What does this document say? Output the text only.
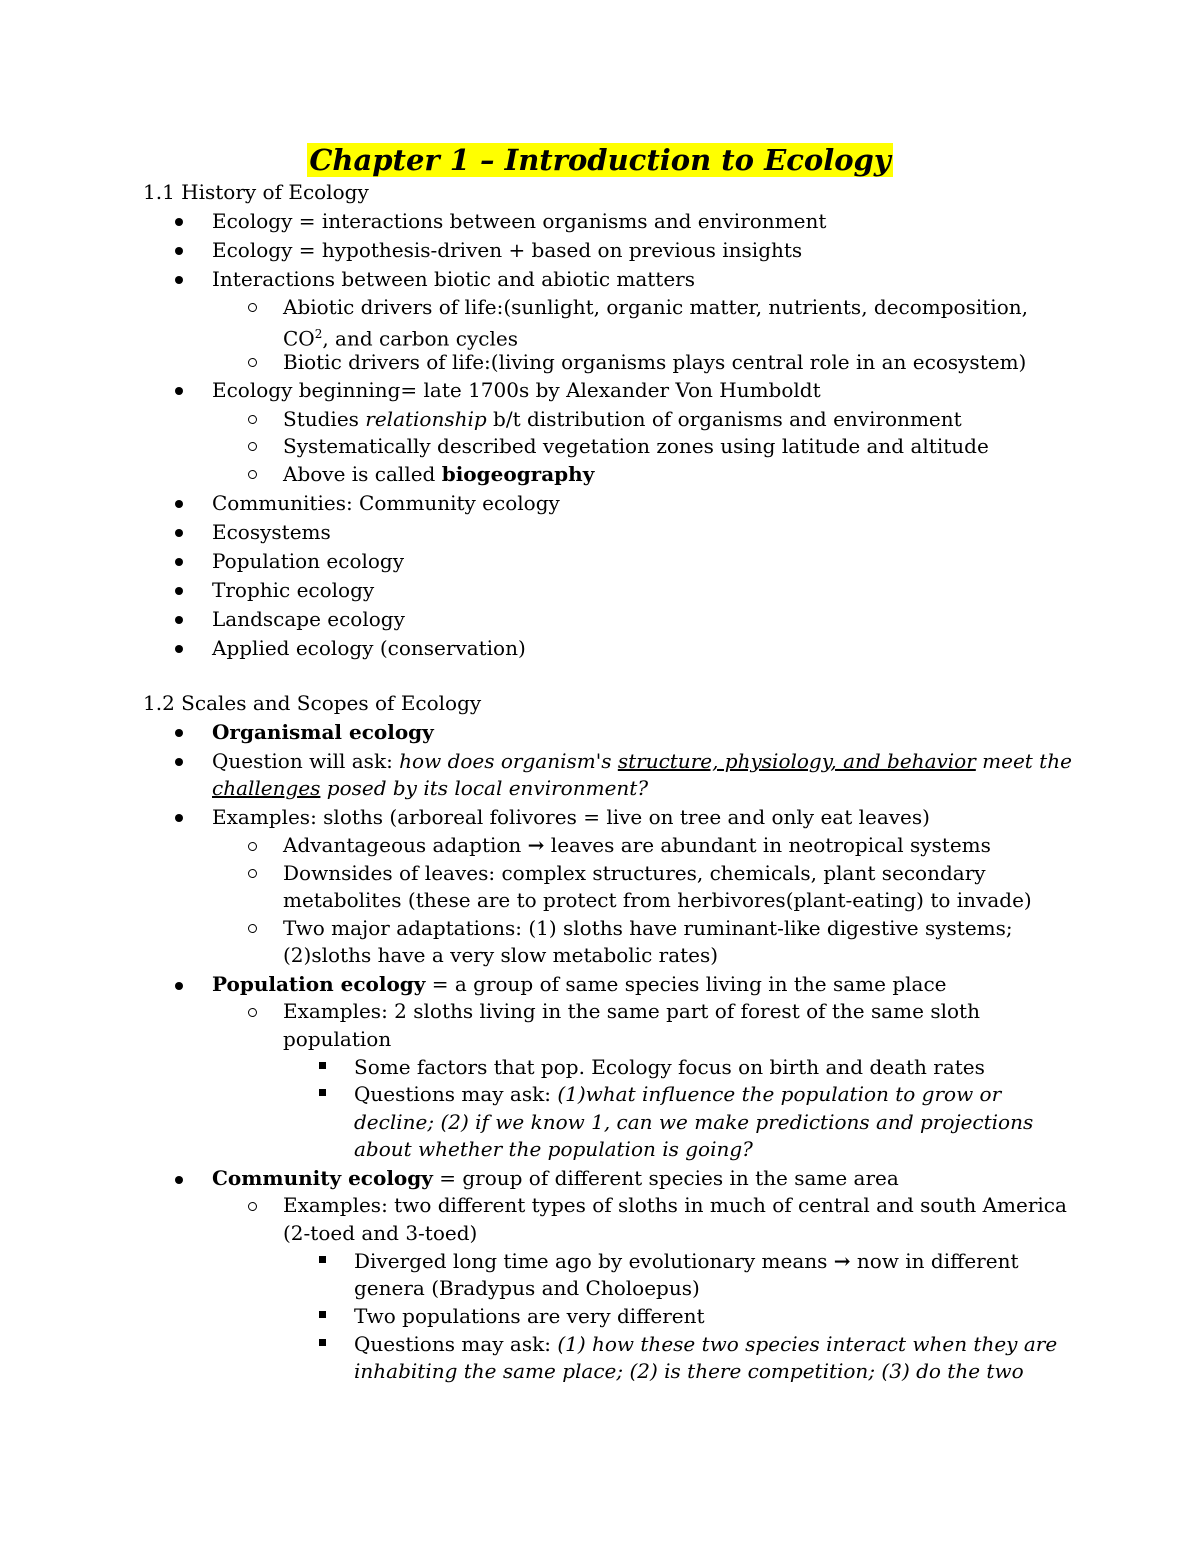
Chapter 1 – Introduction to Ecology
1.1 History of Ecology
Ecology = interactions between organisms and environment
Ecology = hypothesis-driven + based on previous insights
Interactions between biotic and abiotic matters
Abiotic drivers of life:(sunlight, organic matter, nutrients, decomposition,
$CO^2$, and carbon cycles
Biotic drivers of life:(living organisms plays central role in an ecosystem)
Ecology beginning= late 1700s by Alexander Von Humboldt
Studies relationship b/t distribution of organisms and environment
Systematically described vegetation zones using latitude and altitude
Above is called biogeography
Communities: Community ecology
Ecosystems
Population ecology
Trophic ecology
Landscape ecology
Applied ecology (conservation)
1.2 Scales and Scopes of Ecology
Organismal ecology
Question will ask: how does organism's structure, physiology, and behavior meet the
challenges posed by its local environment?
Examples: sloths (arboreal folivores = live on tree and only eat leaves)
Advantageous adaption → leaves are abundant in neotropical systems
Downsides of leaves: complex structures, chemicals, plant secondary
metabolites (these are to protect from herbivores(plant-eating) to invade)
Two major adaptations: (1) sloths have ruminant-like digestive systems;
(2)sloths have a very slow metabolic rates)
Population ecology = a group of same species living in the same place
Examples: 2 sloths living in the same part of forest of the same sloth
population
Some factors that pop. Ecology focus on birth and death rates
Questions may ask: (1)what influence the population to grow or
decline; (2) if we know 1, can we make predictions and projections
about whether the population is going?
Community ecology = group of different species in the same area
Examples: two different types of sloths in much of central and south America
(2-toed and 3-toed)
Diverged long time ago by evolutionary means → now in different
genera (Bradypus and Choloepus)
Two populations are very different
Questions may ask: (1) how these two species interact when they are
inhabiting the same place; (2) is there competition; (3) do the two
